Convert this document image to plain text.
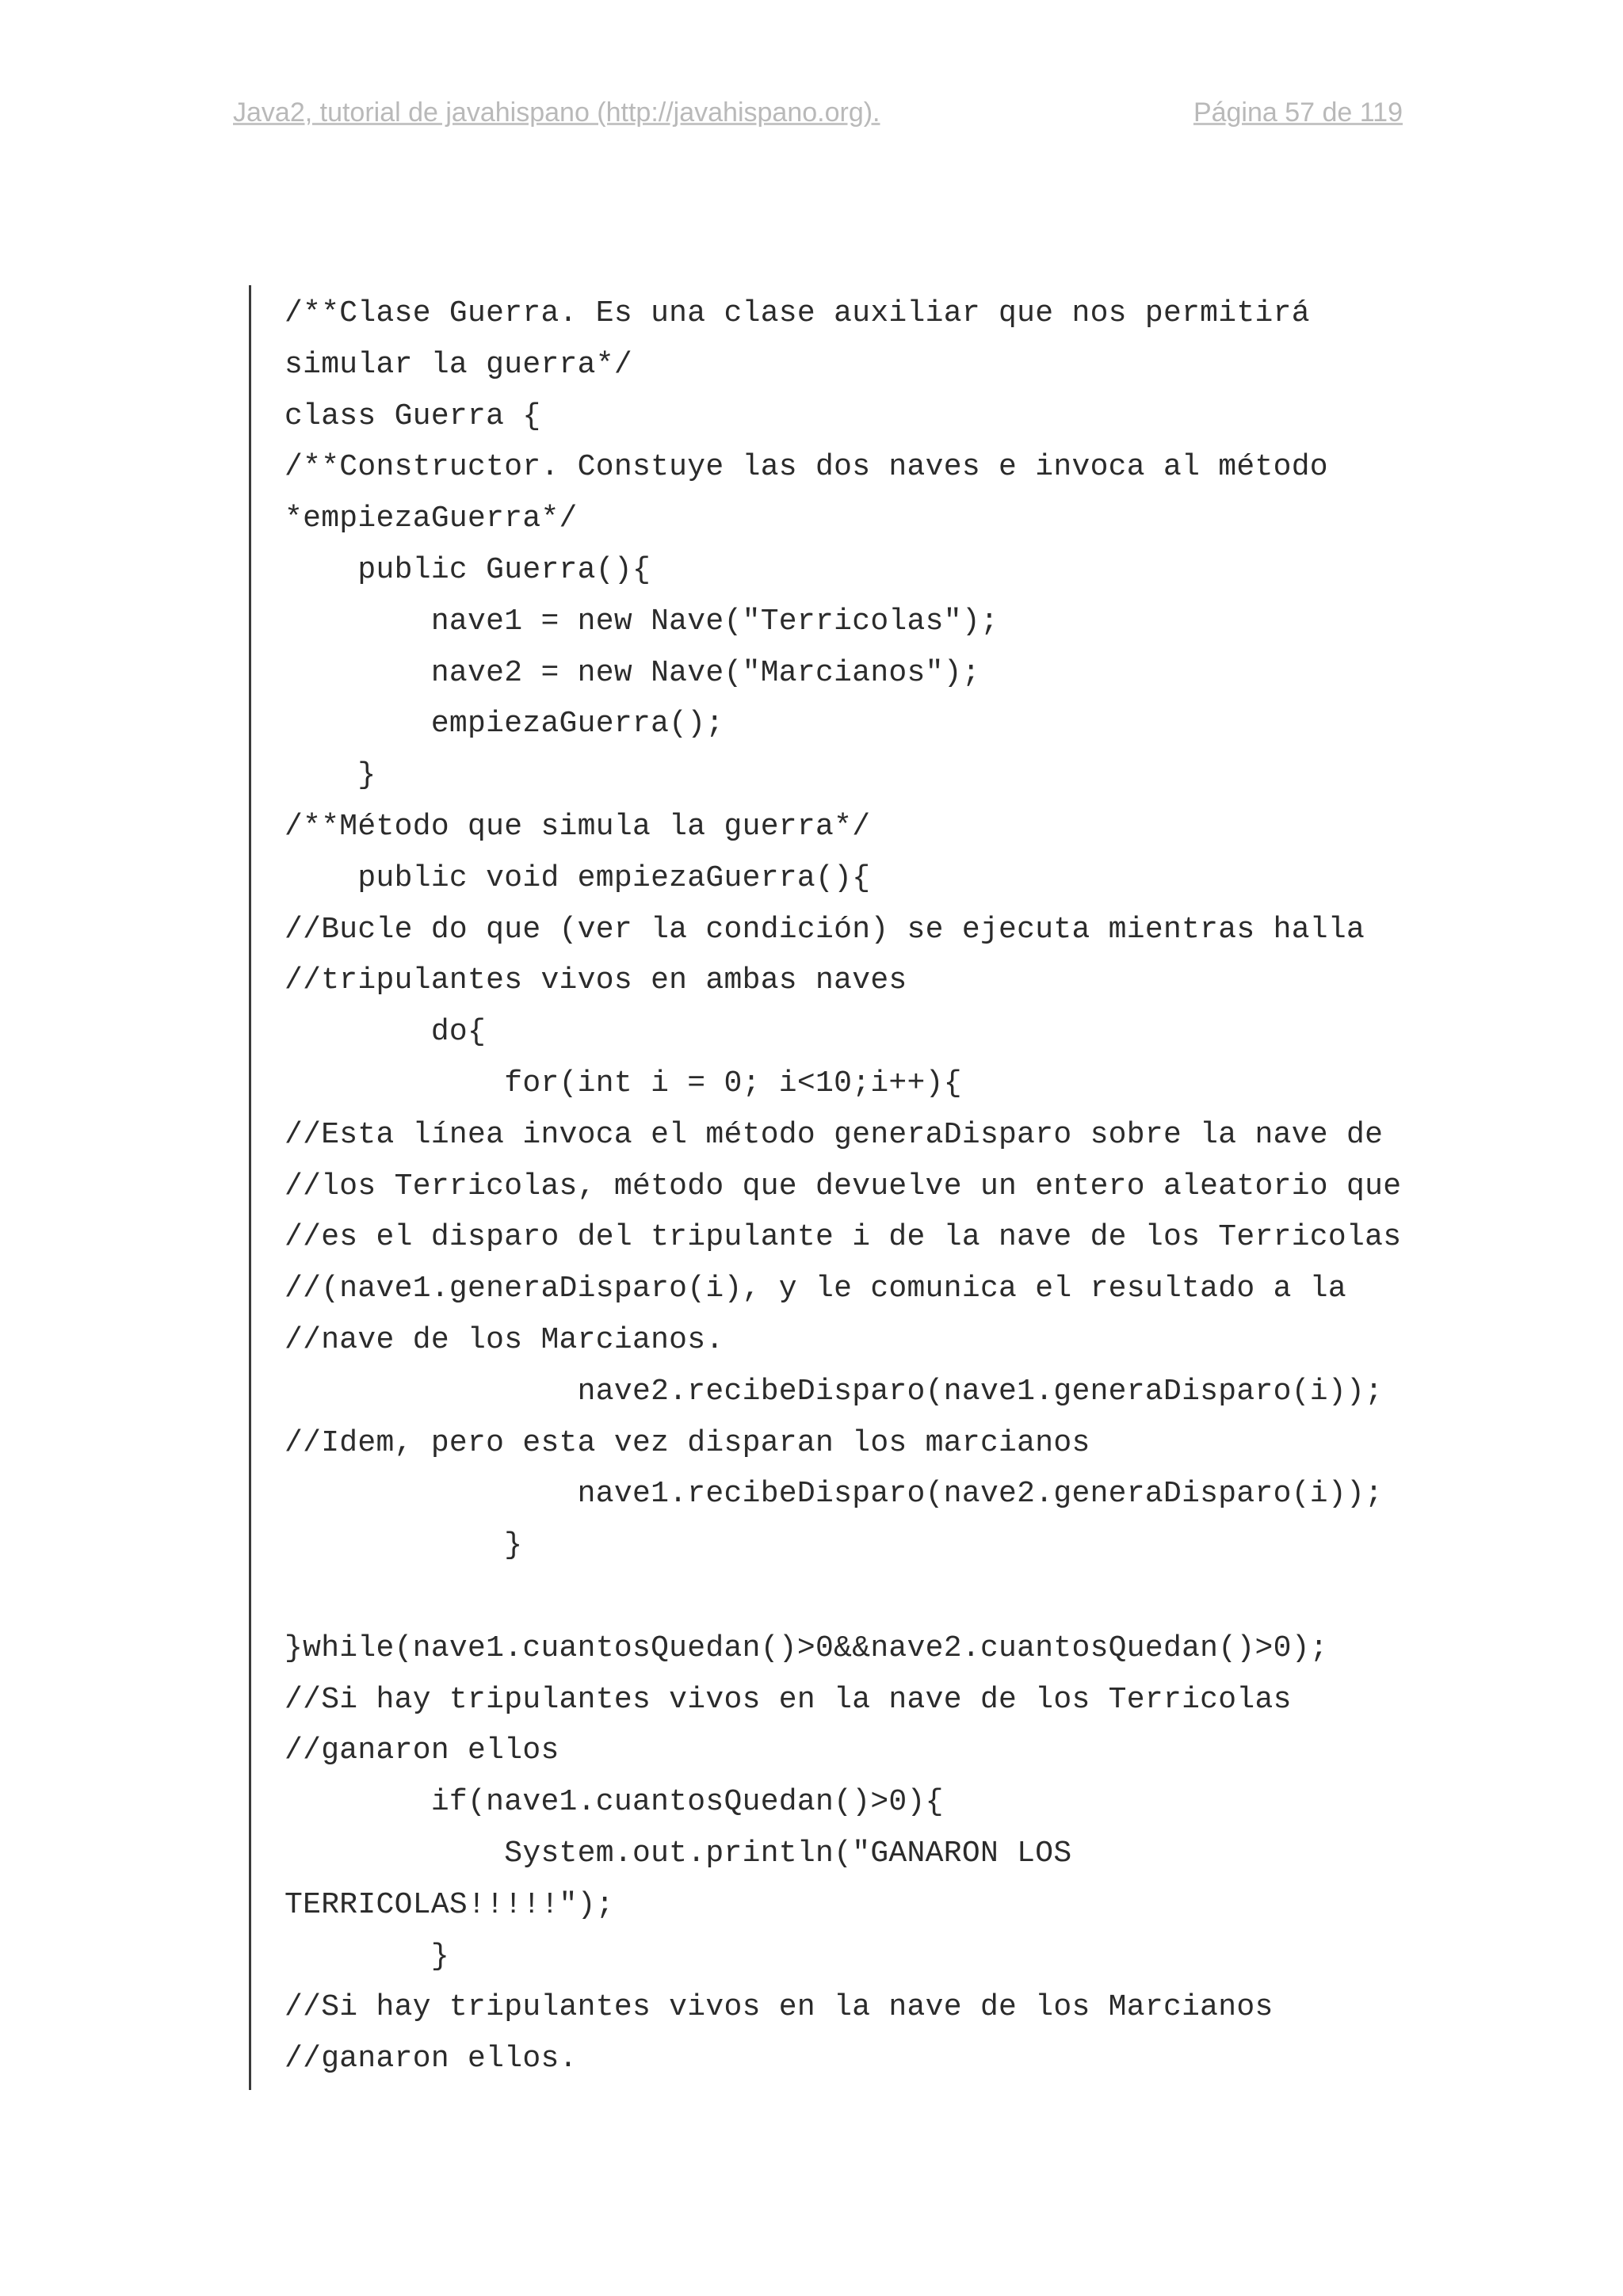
Java2, tutorial de javahispano (http://javahispano.org).	Página 57 de 119
/**Clase Guerra. Es una clase auxiliar que nos permitirá
simular la guerra*/
class Guerra {
/**Constructor. Constuye las dos naves e invoca al método
*empiezaGuerra*/
public Guerra(){
nave1 = new Nave("Terricolas");
nave2 = new Nave("Marcianos");
empiezaGuerra();
}
/**Método que simula la guerra*/
public void empiezaGuerra(){
//Bucle do que (ver la condición) se ejecuta mientras halla
//tripulantes vivos en ambas naves
do{
for(int i = 0; i<10;i++){
//Esta línea invoca el método generaDisparo sobre la nave de
//los Terricolas, método que devuelve un entero aleatorio que
//es el disparo del tripulante i de la nave de los Terricolas
//(nave1.generaDisparo(i), y le comunica el resultado a la
//nave de los Marcianos.
nave2.recibeDisparo(nave1.generaDisparo(i));
//Idem, pero esta vez disparan los marcianos
nave1.recibeDisparo(nave2.generaDisparo(i));
}
}while(nave1.cuantosQuedan()>0&&nave2.cuantosQuedan()>0);
//Si hay tripulantes vivos en la nave de los Terricolas
//ganaron ellos
if(nave1.cuantosQuedan()>0){
System.out.println("GANARON LOS
TERRICOLAS!!!!!");
}
//Si hay tripulantes vivos en la nave de los Marcianos
//ganaron ellos.
